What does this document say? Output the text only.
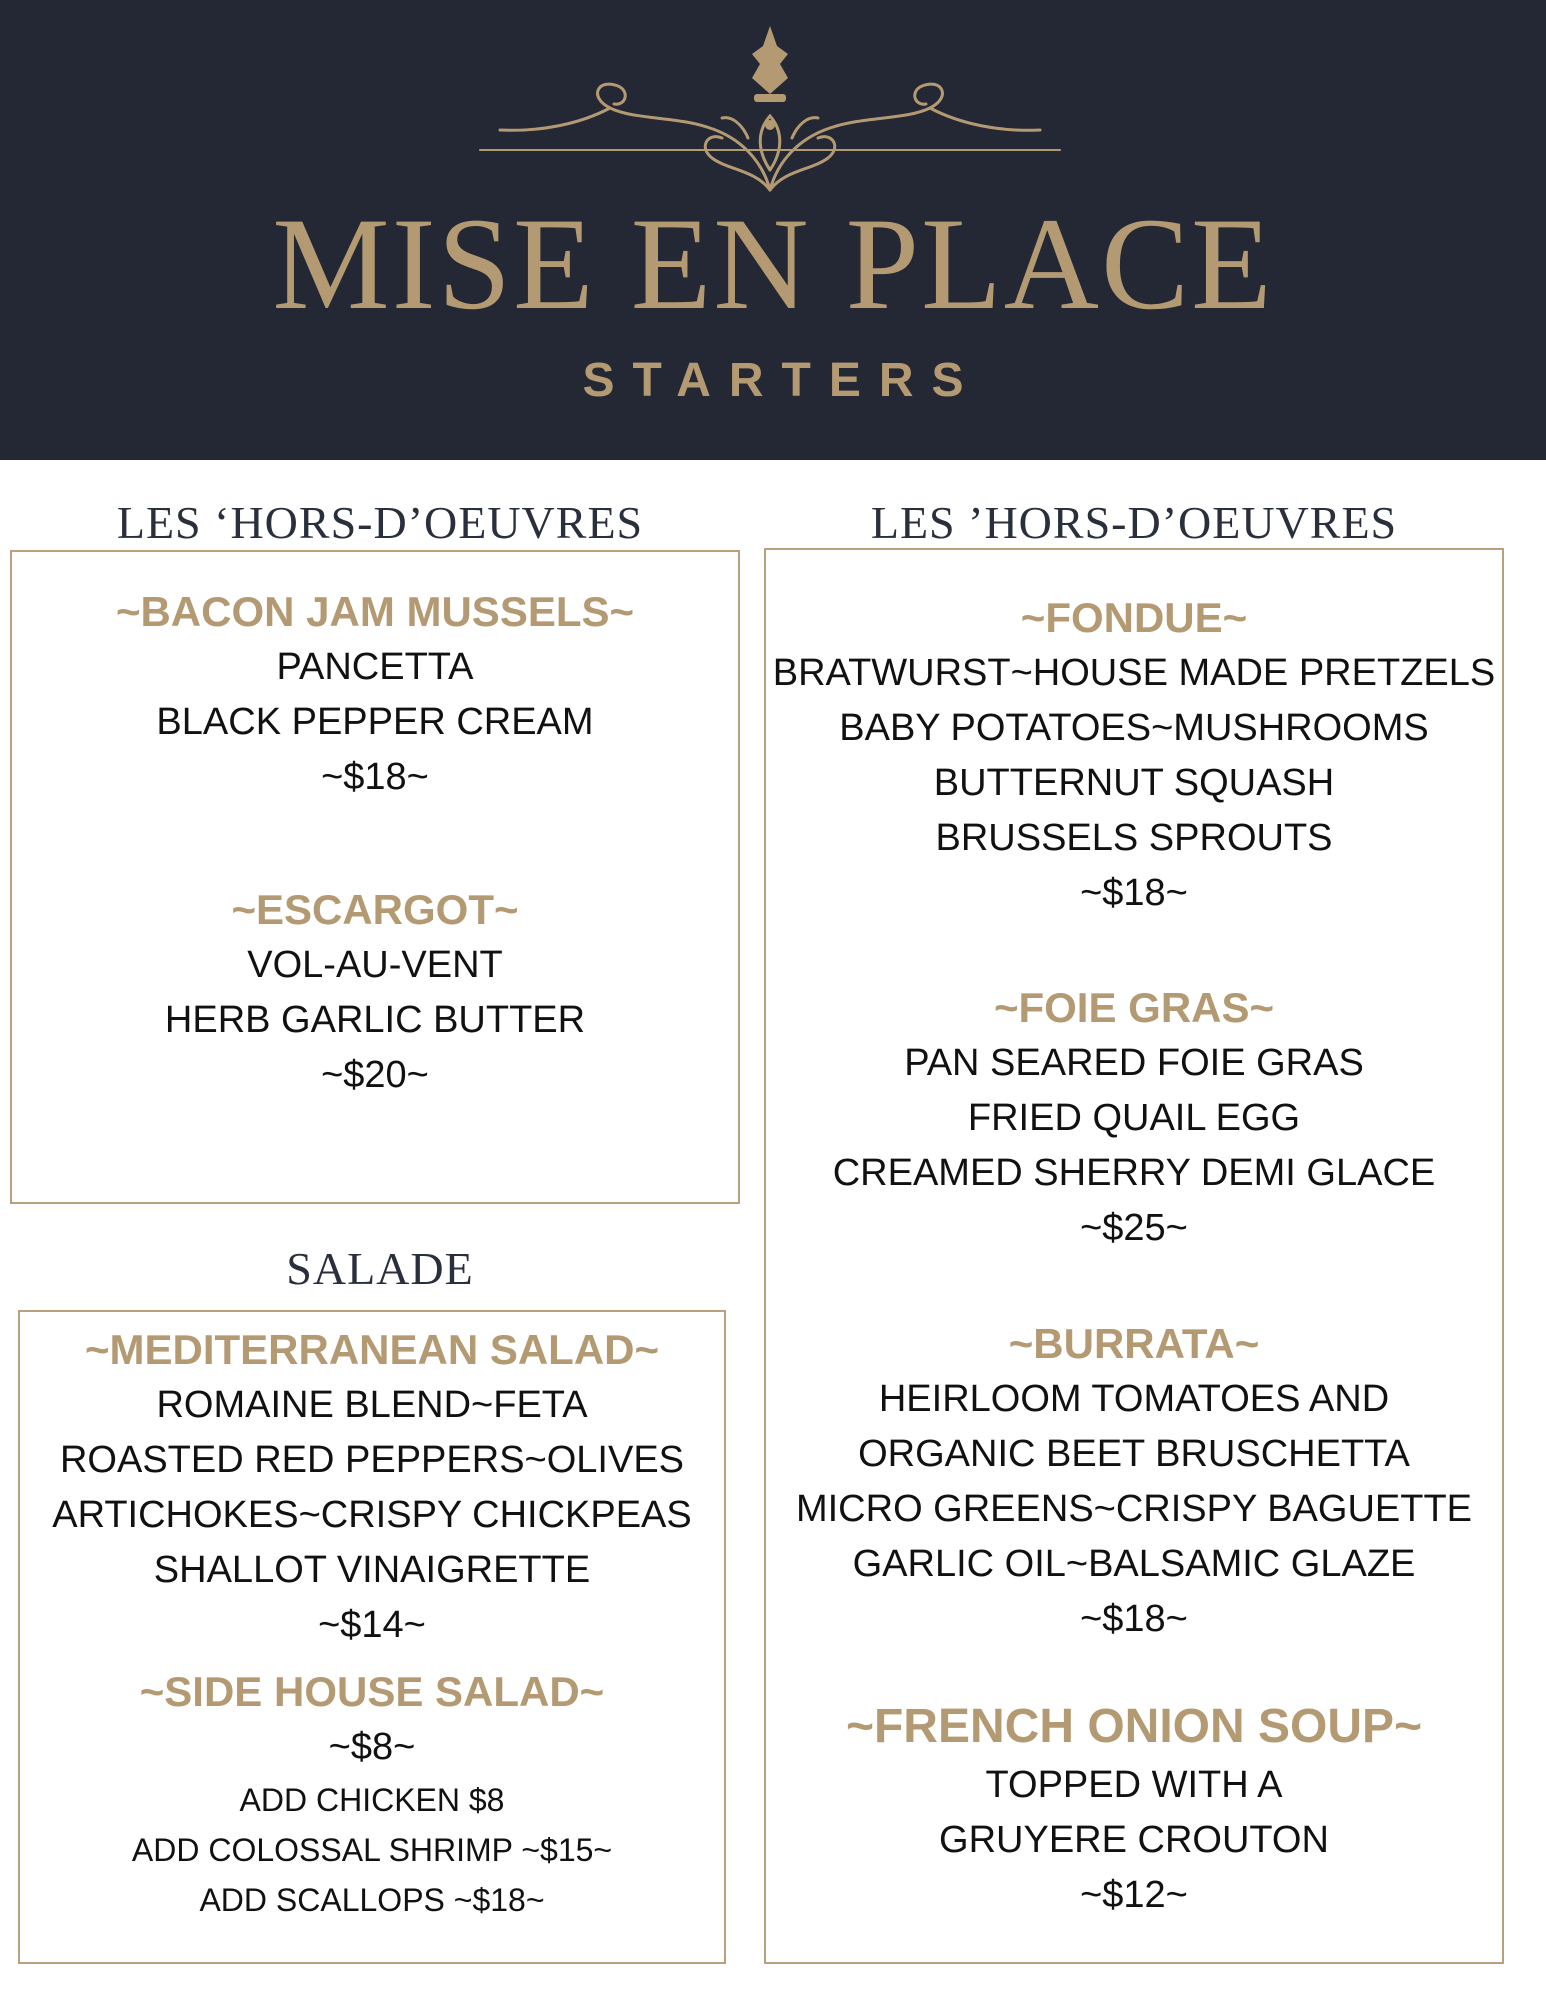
MISE EN PLACE
STARTERS
LES ‘HORS-D’OEUVRES
~BACON JAM MUSSELS~
PANCETTA
BLACK PEPPER CREAM
~$18~
~ESCARGOT~
VOL-AU-VENT
HERB GARLIC BUTTER
~$20~
SALADE
~MEDITERRANEAN SALAD~
ROMAINE BLEND~FETA
ROASTED RED PEPPERS~OLIVES
ARTICHOKES~CRISPY CHICKPEAS
SHALLOT VINAIGRETTE
~$14~
~SIDE HOUSE SALAD~
~$8~
ADD CHICKEN $8
ADD COLOSSAL SHRIMP ~$15~
ADD SCALLOPS ~$18~
LES ’HORS-D’OEUVRES
~FONDUE~
BRATWURST~HOUSE MADE PRETZELS
BABY POTATOES~MUSHROOMS
BUTTERNUT SQUASH
BRUSSELS SPROUTS
~$18~
~FOIE GRAS~
PAN SEARED FOIE GRAS
FRIED QUAIL EGG
CREAMED SHERRY DEMI GLACE
~$25~
~BURRATA~
HEIRLOOM TOMATOES AND
ORGANIC BEET BRUSCHETTA
MICRO GREENS~CRISPY BAGUETTE
GARLIC OIL~BALSAMIC GLAZE
~$18~
~FRENCH ONION SOUP~
TOPPED WITH A
GRUYERE CROUTON
~$12~
